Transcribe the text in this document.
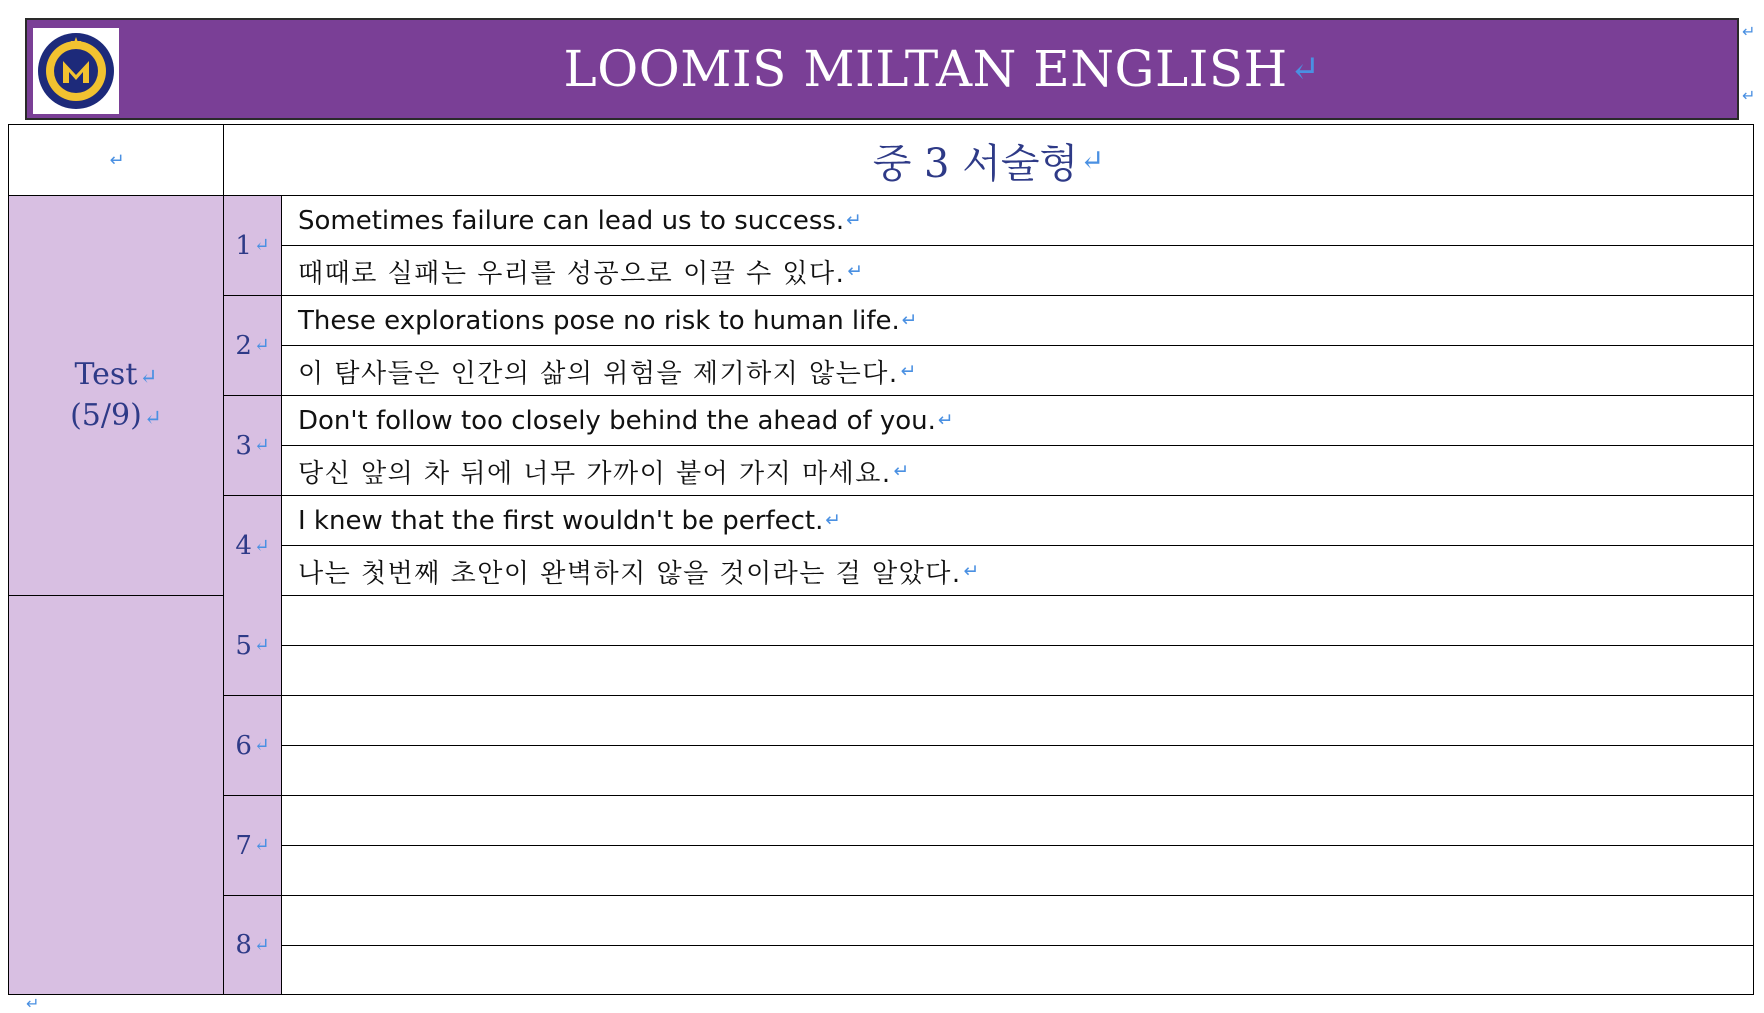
LOOMIS MILTAN ENGLISH ↵
↵
↵
↵	중 3 서술형 ↵
Test↵
(5/9)↵
1 ↵
Sometimes failure can lead us to success. ↵
때때로 실패는 우리를 성공으로 이끌 수 있다. ↵
2 ↵
These explorations pose no risk to human life. ↵
이 탐사들은 인간의 삶의 위험을 제기하지 않는다. ↵
3 ↵
Don't follow too closely behind the ahead of you. ↵
당신 앞의 차 뒤에 너무 가까이 붙어 가지 마세요. ↵
4 ↵
I knew that the first wouldn't be perfect. ↵
나는 첫번째 초안이 완벽하지 않을 것이라는 걸 알았다. ↵
5 ↵
6 ↵
7 ↵
8 ↵
↵
